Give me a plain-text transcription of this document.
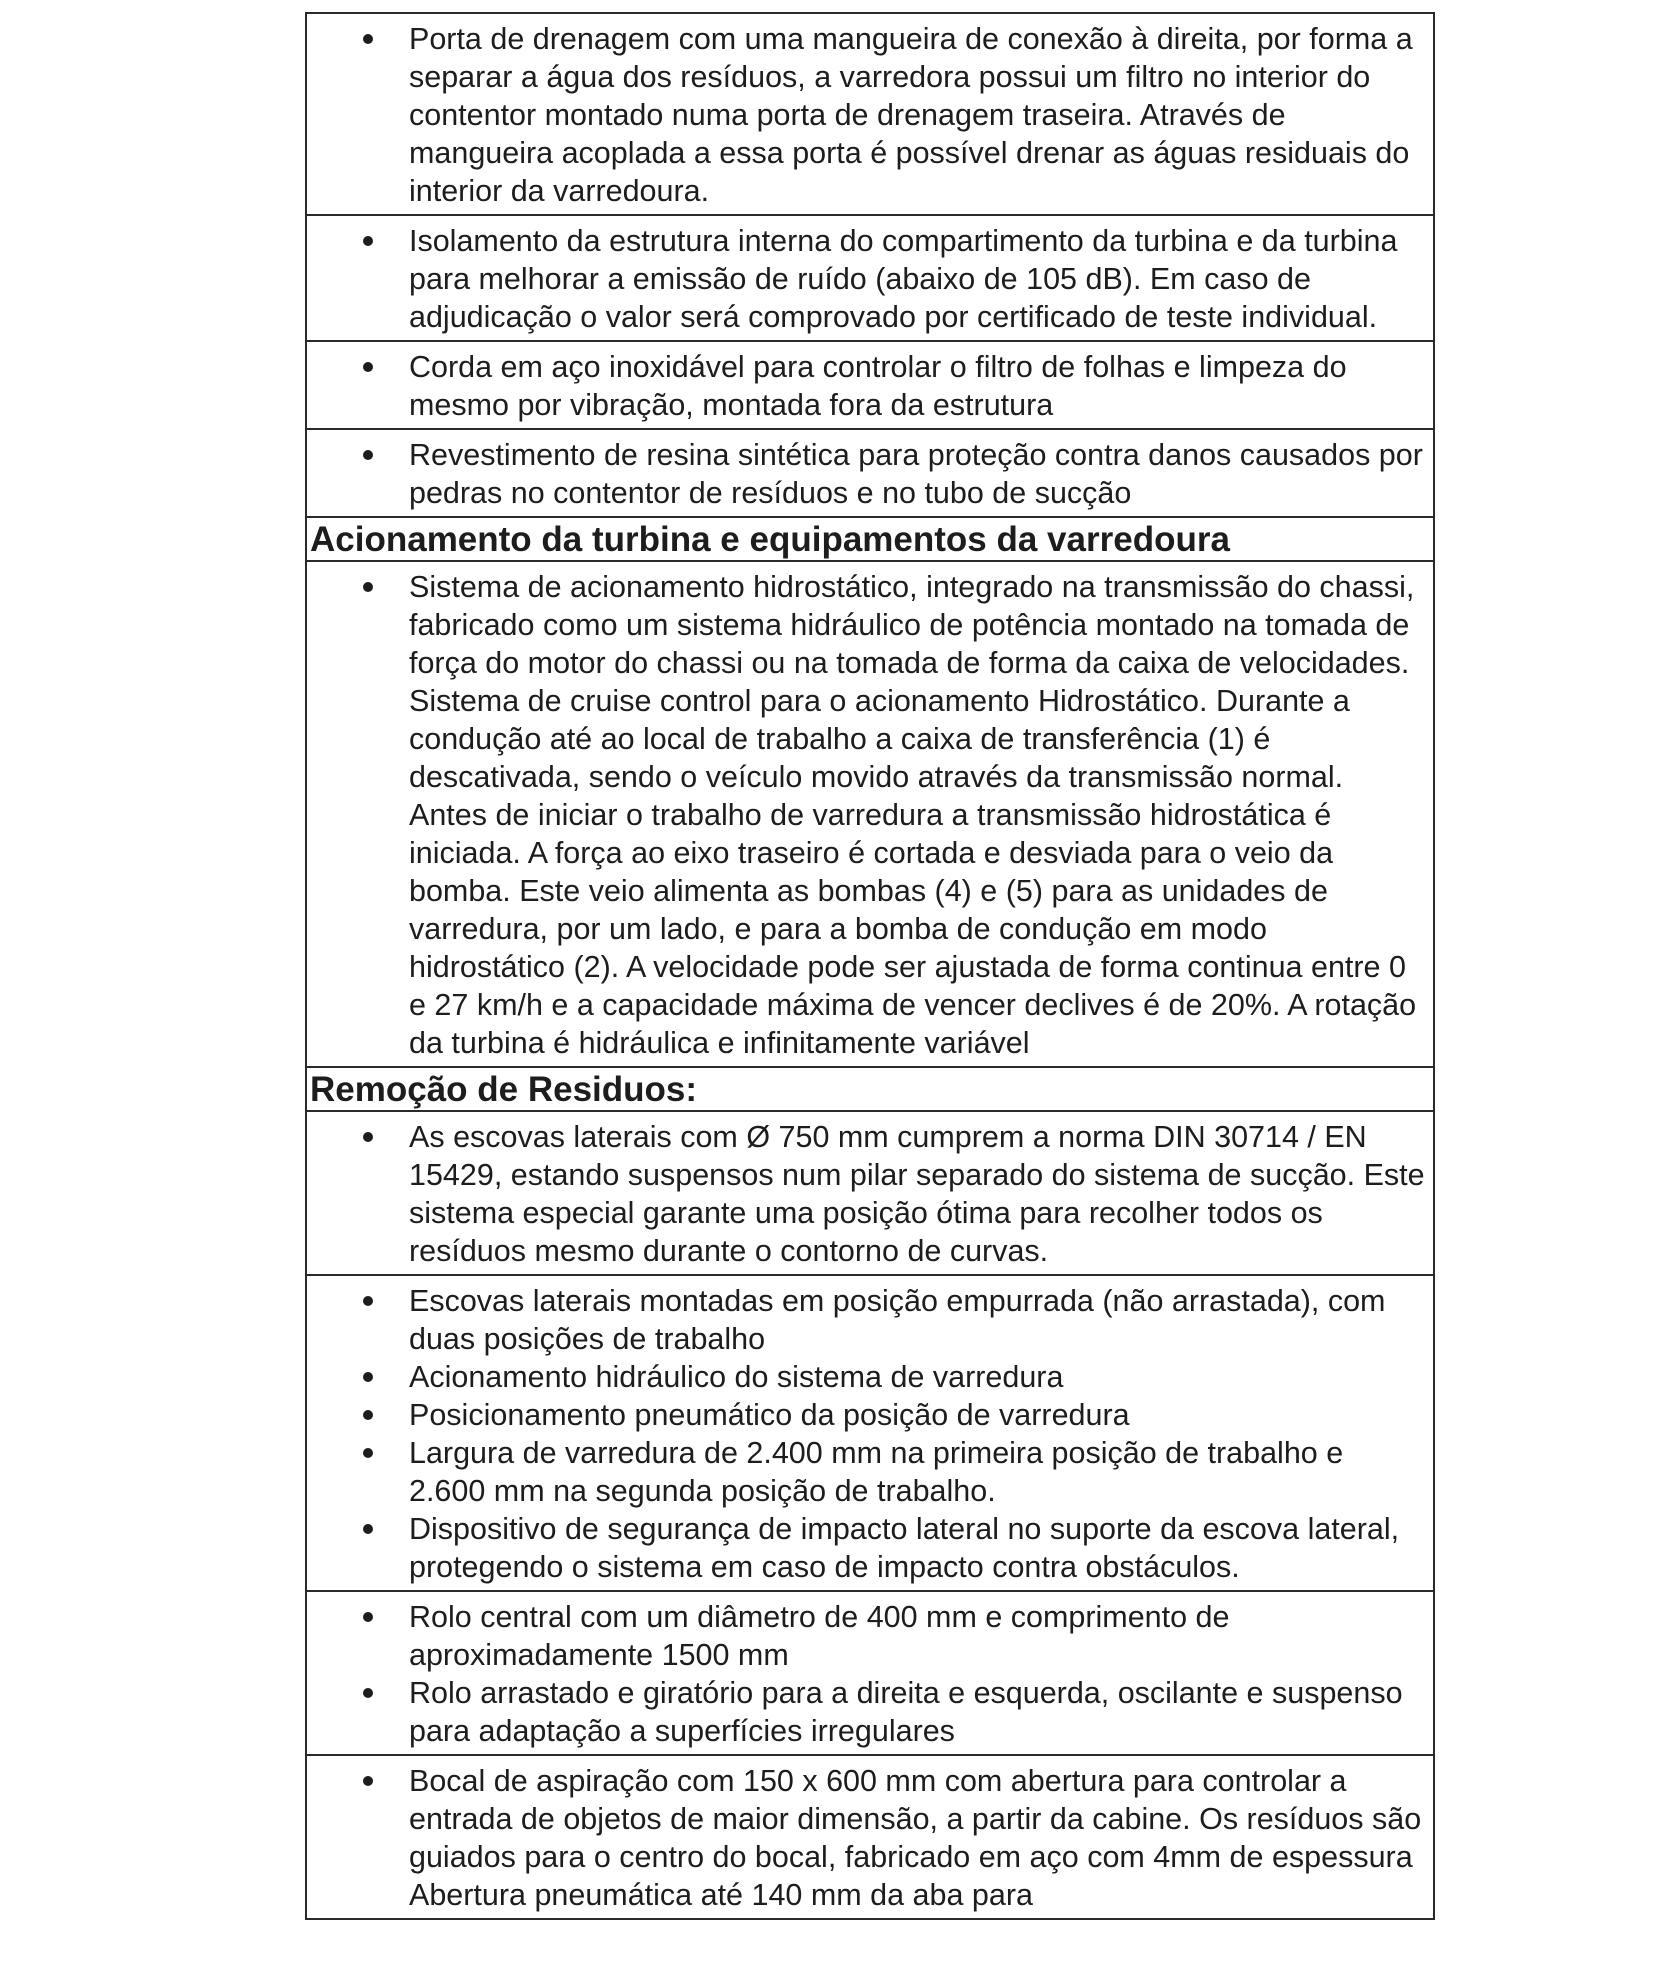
Porta de drenagem com uma mangueira de conexão à direita, por forma a separar a água dos resíduos, a varredora possui um filtro no interior do contentor montado numa porta de drenagem traseira. Através de mangueira acoplada a essa porta é possível drenar as águas residuais do interior da varredoura.
Isolamento da estrutura interna do compartimento da turbina e da turbina para melhorar a emissão de ruído (abaixo de 105 dB). Em caso de adjudicação o valor será comprovado por certificado de teste individual.
Corda em aço inoxidável para controlar o filtro de folhas e limpeza do mesmo por vibração, montada fora da estrutura
Revestimento de resina sintética para proteção contra danos causados por pedras no contentor de resíduos e no tubo de sucção
Acionamento da turbina e equipamentos da varredoura
Sistema de acionamento hidrostático, integrado na transmissão do chassi, fabricado como um sistema hidráulico de potência montado na tomada de força do motor do chassi ou na tomada de forma da caixa de velocidades. Sistema de cruise control para o acionamento Hidrostático. Durante a condução até ao local de trabalho a caixa de transferência (1) é descativada, sendo o veículo movido através da transmissão normal. Antes de iniciar o trabalho de varredura a transmissão hidrostática é iniciada. A força ao eixo traseiro é cortada e desviada para o veio da bomba. Este veio alimenta as bombas (4) e (5) para as unidades de varredura, por um lado, e para a bomba de condução em modo hidrostático (2). A velocidade pode ser ajustada de forma continua entre 0 e 27 km/h e a capacidade máxima de vencer declives é de 20%. A rotação da turbina é hidráulica e infinitamente variável
Remoção de Residuos:
As escovas laterais com Ø 750 mm cumprem a norma DIN 30714 / EN 15429, estando suspensos num pilar separado do sistema de sucção. Este sistema especial garante uma posição ótima para recolher todos os resíduos mesmo durante o contorno de curvas.
Escovas laterais montadas em posição empurrada (não arrastada), com duas posições de trabalho
Acionamento hidráulico do sistema de varredura
Posicionamento pneumático da posição de varredura
Largura de varredura de 2.400 mm na primeira posição de trabalho e 2.600 mm na segunda posição de trabalho.
Dispositivo de segurança de impacto lateral no suporte da escova lateral, protegendo o sistema em caso de impacto contra obstáculos.
Rolo central com um diâmetro de 400 mm e comprimento de aproximadamente 1500 mm
Rolo arrastado e giratório para a direita e esquerda, oscilante e suspenso para adaptação a superfícies irregulares
Bocal de aspiração com 150 x 600 mm com abertura para controlar a entrada de objetos de maior dimensão, a partir da cabine. Os resíduos são guiados para o centro do bocal, fabricado em aço com 4mm de espessura Abertura pneumática até 140 mm da aba para
